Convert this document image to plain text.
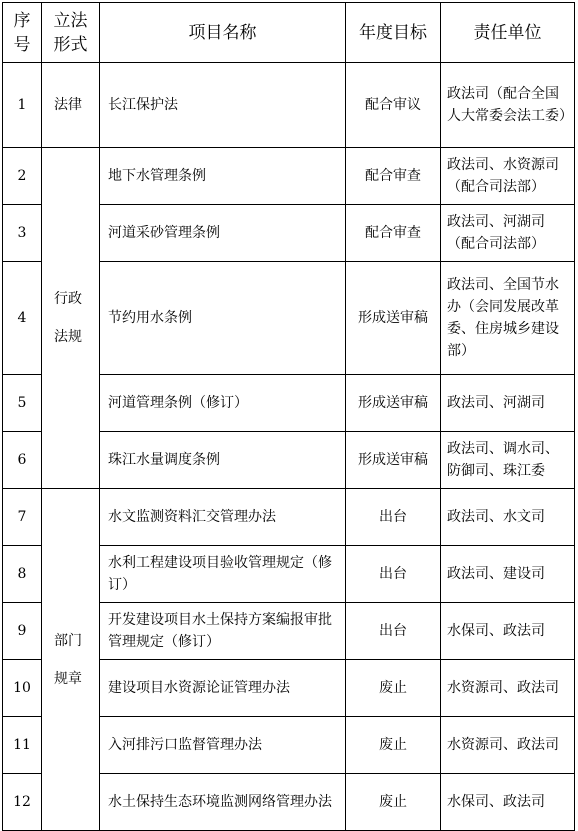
序号	立法形式	项目名称	年度目标	责任单位
1	法律	长江保护法	配合审议	政法司（配合全国人大常委会法工委）
2	行政法规	地下水管理条例	配合审查	政法司、水资源司（配合司法部）
3		河道采砂管理条例	配合审查	政法司、河湖司（配合司法部）
4		节约用水条例	形成送审稿	政法司、全国节水办（会同发展改革委、住房城乡建设部）
5		河道管理条例（修订）	形成送审稿	政法司、河湖司
6		珠江水量调度条例	形成送审稿	政法司、调水司、防御司、珠江委
7	部门规章	水文监测资料汇交管理办法	出台	政法司、水文司
8		水利工程建设项目验收管理规定（修订）	出台	政法司、建设司
9		开发建设项目水土保持方案编报审批管理规定（修订）	出台	水保司、政法司
10		建设项目水资源论证管理办法	废止	水资源司、政法司
11		入河排污口监督管理办法	废止	水资源司、政法司
12		水土保持生态环境监测网络管理办法	废止	水保司、政法司
